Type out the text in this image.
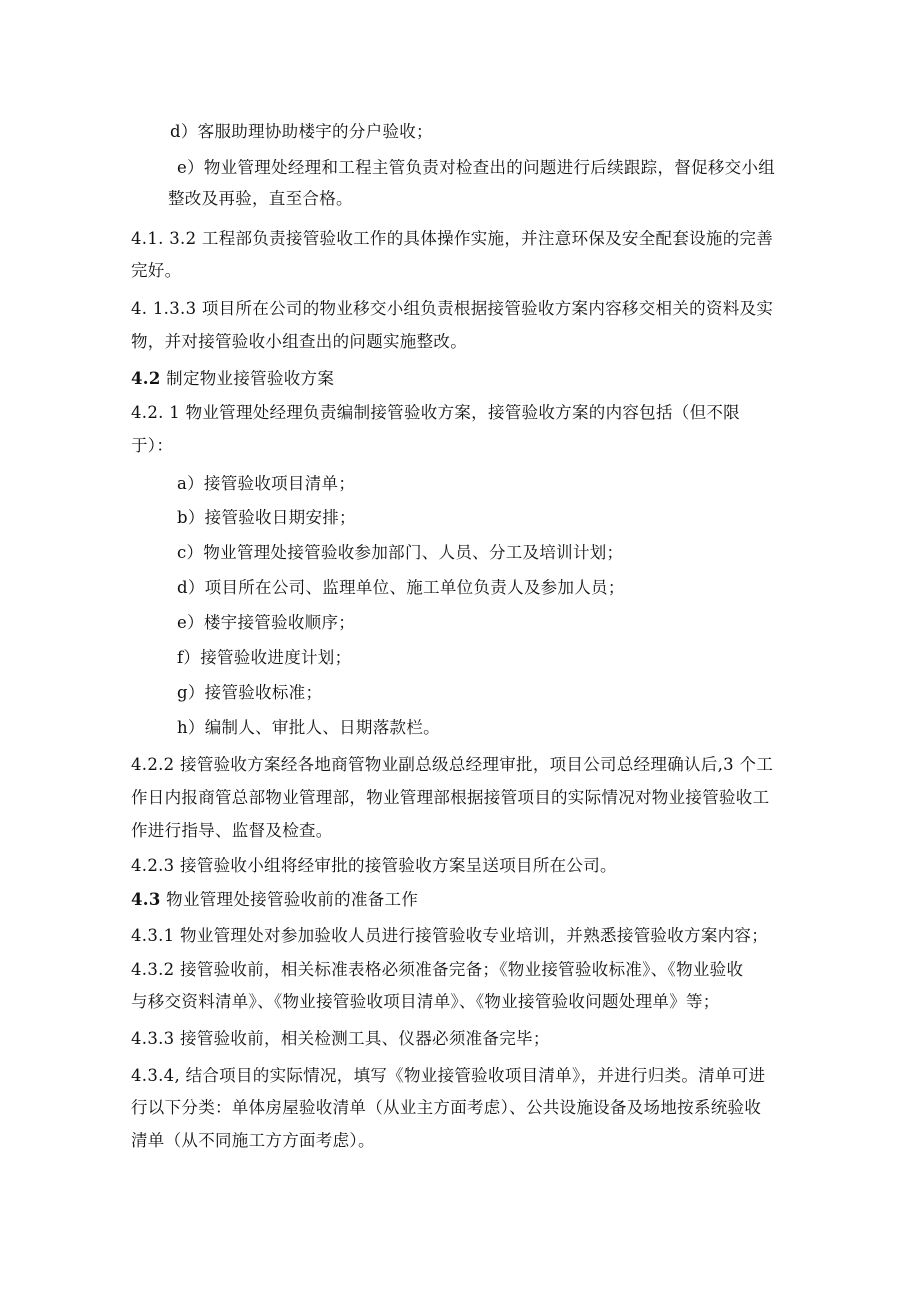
d）客服助理协助楼宇的分户验收；
e）物业管理处经理和工程主管负责对检查出的问题进行后续跟踪，督促移交小组
整改及再验，直至合格。
4.1. 3.2 工程部负责接管验收工作的具体操作实施，并注意环保及安全配套设施的完善
完好。
4. 1.3.3 项目所在公司的物业移交小组负责根据接管验收方案内容移交相关的资料及实
物，并对接管验收小组查出的问题实施整改。
4.2 制定物业接管验收方案
4.2. 1 物业管理处经理负责编制接管验收方案，接管验收方案的内容包括（但不限
于）：
a）接管验收项目清单；
b）接管验收日期安排；
c）物业管理处接管验收参加部门、人员、分工及培训计划；
d）项目所在公司、监理单位、施工单位负责人及参加人员；
e）楼宇接管验收顺序；
f）接管验收进度计划；
g）接管验收标准；
h）编制人、审批人、日期落款栏。
4.2.2 接管验收方案经各地商管物业副总级总经理审批，项目公司总经理确认后,3 个工
作日内报商管总部物业管理部，物业管理部根据接管项目的实际情况对物业接管验收工
作进行指导、监督及检查。
4.2.3 接管验收小组将经审批的接管验收方案呈送项目所在公司。
4.3 物业管理处接管验收前的准备工作
4.3.1 物业管理处对参加验收人员进行接管验收专业培训，并熟悉接管验收方案内容；
4.3.2 接管验收前，相关标准表格必须准备完备；《物业接管验收标准》、《物业验收
与移交资料清单》、《物业接管验收项目清单》、《物业接管验收问题处理单》等；
4.3.3 接管验收前，相关检测工具、仪器必须准备完毕；
4.3.4, 结合项目的实际情况，填写《物业接管验收项目清单》，并进行归类。清单可进
行以下分类：单体房屋验收清单（从业主方面考虑）、公共设施设备及场地按系统验收
清单（从不同施工方方面考虑）。
